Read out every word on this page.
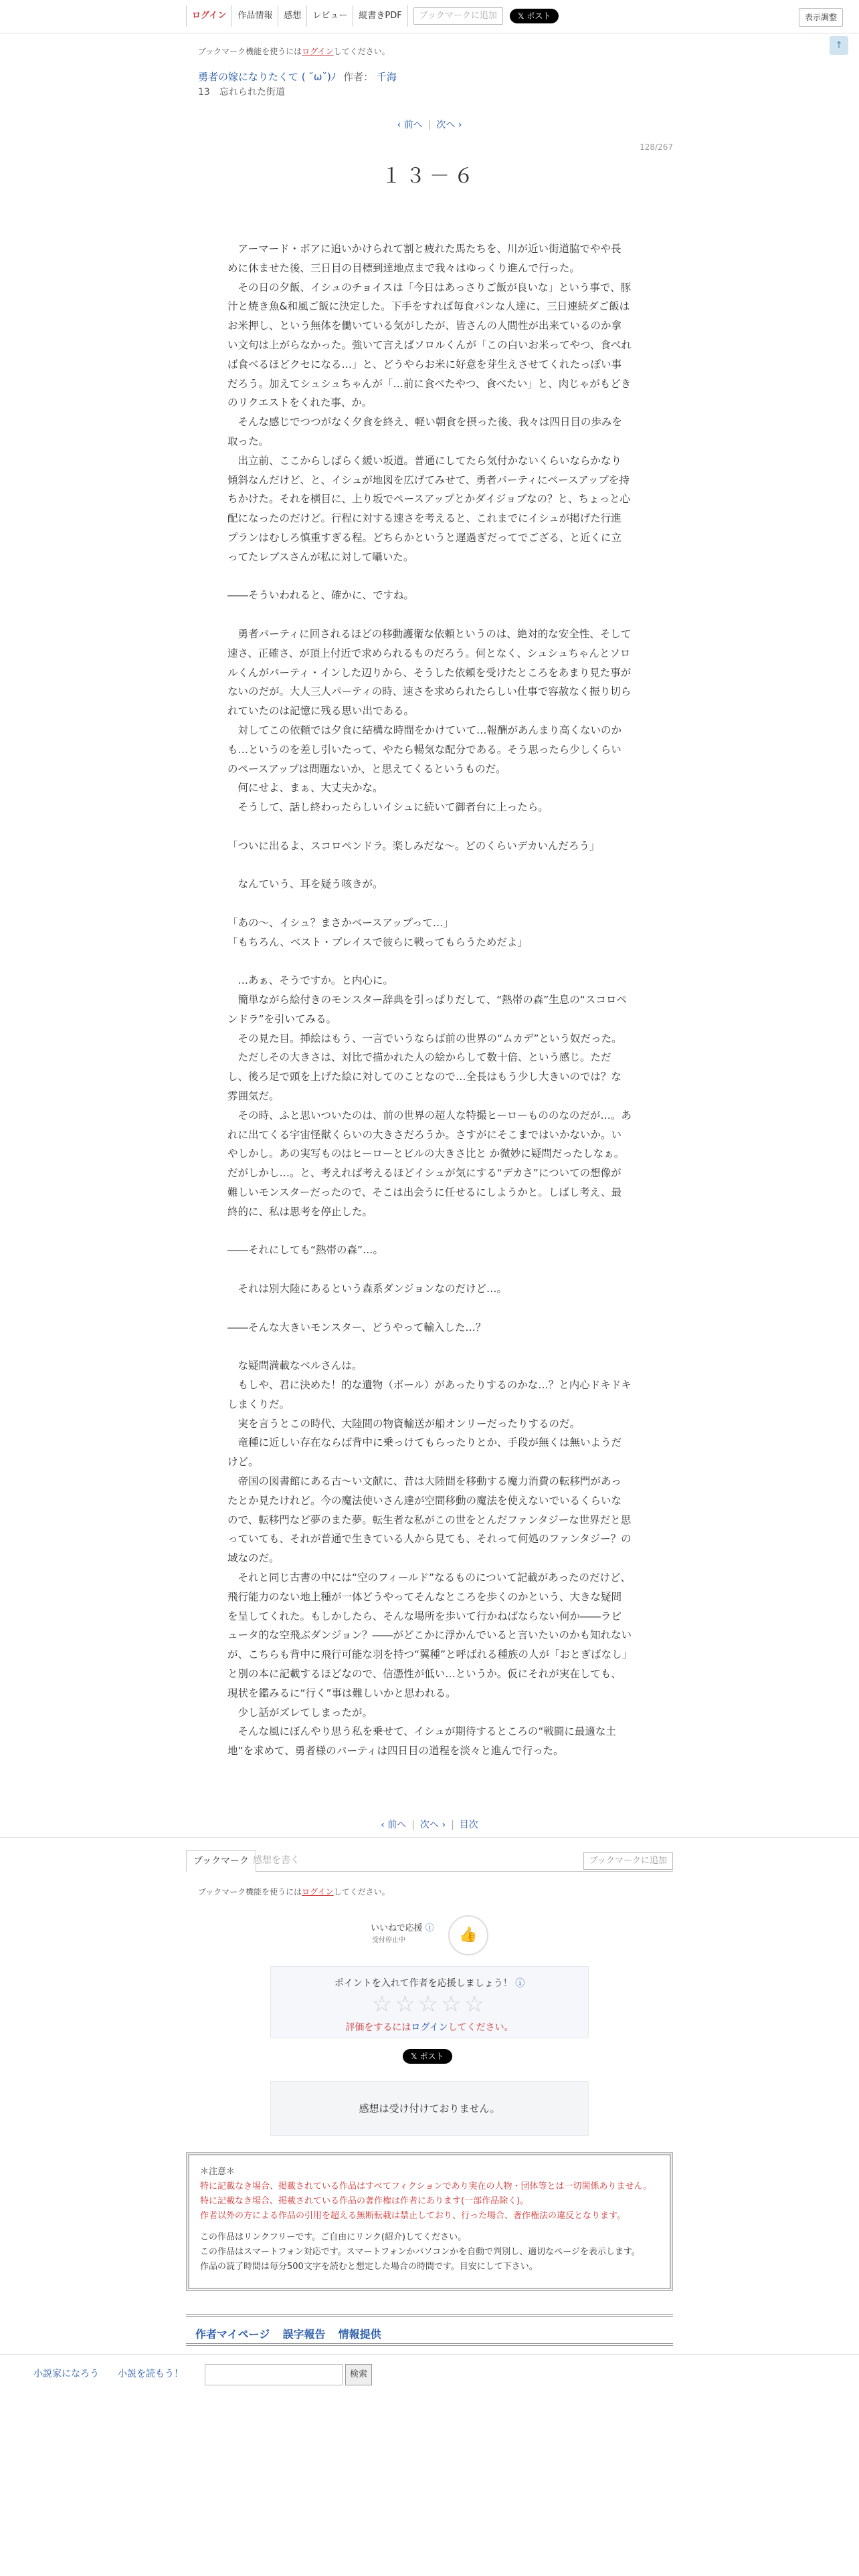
ログイン	作品情報	感想	レビュー	縦書きPDF	ブックマークに追加	𝕏 ポスト	表示調整
↑
ブックマーク機能を使うにはログインしてください。
勇者の嫁になりたくて ( ˘ω˘)ﾉ 作者： 千海
13　忘れられた街道
‹ 前へ | 次へ ›
128/267
１３－６
　アーマード・ボアに追いかけられて割と疲れた馬たちを、川が近い街道脇でやや長めに休ませた後、三日目の目標到達地点まで我々はゆっくり進んで行った。
　その日の夕飯、イシュのチョイスは「今日はあっさりご飯が良いな」という事で、豚汁と焼き魚&和風ご飯に決定した。下手をすれば毎食パンな人達に、三日連続ダご飯はお米押し、という無体を働いている気がしたが、皆さんの人間性が出来ているのか拿い文句は上がらなかった。強いて言えばソロルくんが「この白いお米ってやつ、食べれば食べるほどクセになる…」と、どうやらお米に好意を芽生えさせてくれたっぽい事だろう。加えてシュシュちゃんが「…前に食べたやつ、食べたい」と、肉じゃがもどきのリクエストをくれた事、か。
　そんな感じでつつがなく夕食を終え、軽い朝食を摂った後、我々は四日目の歩みを取った。
　出立前、ここからしばらく緩い坂道。普通にしてたら気付かないくらいならかなり傾斜なんだけど、と、イシュが地図を広げてみせて、勇者パーティにペースアップを持ちかけた。それを横目に、上り坂でペースアップとかダイジョブなの？と、ちょっと心配になったのだけど。行程に対する速さを考えると、これまでにイシュが掲げた行進プランはむしろ慎重すぎる程。どちらかというと遅過ぎだってでござる、と近くに立ってたレプスさんが私に対して囁いた。
――そういわれると、確かに、ですね。
　勇者パーティに回されるほどの移動護衛な依頼というのは、絶対的な安全性、そして速さ、正確さ、が頂上付近で求められるものだろう。何となく、シュシュちゃんとソロルくんがパーティ・インした辺りから、そうした依頼を受けたところをあまり見た事がないのだが。大人三人パーティの時、速さを求められたらしい仕事で容赦なく振り切られていたのは記憶に残る思い出である。
　対してこの依頼では夕食に結構な時間をかけていて…報酬があんまり高くないのかも…というのを差し引いたって、やたら暢気な配分である。そう思ったら少しくらいのペースアップは問題ないか、と思えてくるというものだ。
　何にせよ、まぁ、大丈夫かな。
　そうして、話し終わったらしいイシュに続いて御者台に上ったら。
「ついに出るよ、スコロペンドラ。楽しみだな〜。どのくらいデカいんだろう」
　なんていう、耳を疑う咳きが。
「あの〜、イシュ？まさかベースアップって…」
「もちろん、ベスト・プレイスで彼らに戦ってもらうためだよ」
　…あぁ、そうですか。と内心に。
　簡単ながら絵付きのモンスター辞典を引っぱりだして、“熱帯の森”生息の“スコロペンドラ”を引いてみる。
　その見た目。挿絵はもう、一言でいうならば前の世界の“ムカデ”という奴だった。
　ただしその大きさは、対比で描かれた人の絵からして数十倍、という感じ。ただし、後ろ足で頭を上げた絵に対してのことなので…全長はもう少し大きいのでは？な雰囲気だ。
　その時、ふと思いついたのは、前の世界の超人な特撮ヒーローもののなのだが…。あれに出てくる宇宙怪獣くらいの大きさだろうか。さすがにそこまではいかないか。いやしかし。あの実写ものはヒーローとビルの大きさ比と か微妙に疑問だったしなぁ。だがしかし…。と、考えれば考えるほどイシュが気にする“デカさ”についての想像が難しいモンスターだったので、そこは出会うに任せるにしようかと。しばし考え、最終的に、私は思考を停止した。
――それにしても“熱帯の森”…。
　それは別大陸にあるという森系ダンジョンなのだけど…。
――そんな大きいモンスター、どうやって輸入した…？
　な疑問満載なベルさんは。
　もしや、君に決めた！的な遺物（ボール）があったりするのかな…？と内心ドキドキしまくりだ。
　実を言うとこの時代、大陸間の物資輸送が船オンリーだったりするのだ。
　竜種に近しい存在ならば背中に乗っけてもらったりとか、手段が無くは無いようだけど。
　帝国の図書館にある古〜い文献に、昔は大陸間を移動する魔力消費の転移門があったとか見たけれど。今の魔法使いさん達が空間移動の魔法を使えないでいるくらいなので、転移門など夢のまた夢。転生者な私がこの世をとんだファンタジーな世界だと思っていても、それが普通で生きている人から見ても、それって何処のファンタジー？の域なのだ。
　それと同じ古書の中には“空のフィールド”なるものについて記載があったのだけど、飛行能力のない地上種が一体どうやってそんなところを歩くのかという、大きな疑問を呈してくれた。もしかしたら、そんな場所を歩いて行かねばならない何か――ラピュータ的な空飛ぶダンジョン？――がどこかに浮かんでいると言いたいのかも知れないが、こちらも背中に飛行可能な羽を持つ“翼種”と呼ばれる種族の人が「おとぎばなし」と別の本に記載するほどなので、信憑性が低い…というか。仮にそれが実在しても、現状を鑑みるに“行く”事は難しいかと思われる。
　少し話がズレてしまったが。
　そんな風にぼんやり思う私を乗せて、イシュが期待するところの“戦闘に最適な土地”を求めて、勇者様のパーティは四日目の道程を淡々と進んで行った。
‹ 前へ | 次へ › | 目次
ブックマーク 感想を書く	ブックマークに追加
ブックマーク機能を使うにはログインしてください。
いいねで応援 ⓘ
受付停止中	👍
ポイントを入れて作者を応援しましょう！ ⓘ
☆☆☆☆☆
評価をするにはログインしてください。
𝕏 ポスト
感想は受け付けておりません。
＊注意＊
特に記載なき場合、掲載されている作品はすべてフィクションであり実在の人物・団体等とは一切関係ありません。
特に記載なき場合、掲載されている作品の著作権は作者にあります(一部作品除く)。
作者以外の方による作品の引用を超える無断転載は禁止しており、行った場合、著作権法の違反となります。
この作品はリンクフリーです。ご自由にリンク(紹介)してください。
この作品はスマートフォン対応です。スマートフォンかパソコンかを自動で判別し、適切なページを表示します。
作品の読了時間は毎分500文字を読むと想定した場合の時間です。目安にして下さい。
作者マイページ 誤字報告 情報提供
小説家になろう 小説を読もう！	検索
